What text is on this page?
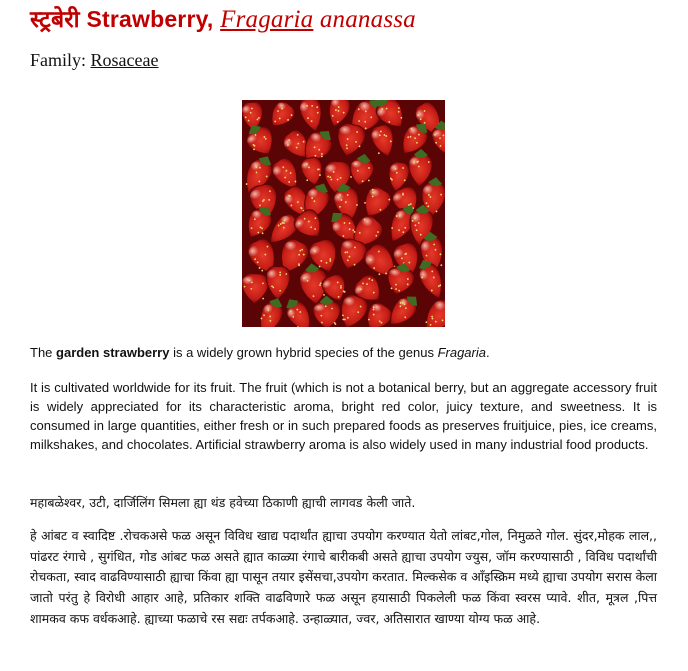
स्ट्रबेरी Strawberry, Fragaria ananassa

Family: Rosaceae

The garden strawberry is a widely grown hybrid species of the genus Fragaria.

It is cultivated worldwide for its fruit. The fruit (which is not a botanical berry, but an aggregate accessory fruit is widely appreciated for its characteristic aroma, bright red color, juicy texture, and sweetness. It is consumed in large quantities, either fresh or in such prepared foods as preserves fruitjuice, pies, ice creams, milkshakes, and chocolates. Artificial strawberry aroma is also widely used in many industrial food products.

महाबळेश्वर, उटी, दार्जिलिंग सिमला ह्या थंड हवेच्या ठिकाणी ह्याची लागवड केली जाते.

हे आंबट व स्वादिष्ट .रोचकअसे फळ असून विविध खाद्य पदार्थांत ह्याचा उपयोग करण्यात येतो लांबट,गोल, निमुळते गोल. सुंदर,मोहक लाल,, पांढरट रंगाचे , सुगंधित, गोड आंबट फळ असते ह्यात काळ्या रंगाचे बारीकबी असते ह्याचा उपयोग ज्युस, जॉम करण्यासाठी , विविध पदार्थांची रोचकता, स्वाद वाढविण्यासाठी ह्याचा किंवा ह्या पासून तयार इसेंसचा,उपयोग करतात. मिल्कसेक व आँइस्क्रिम मध्ये ह्याचा उपयोग सरास केला जातो परंतु हे विरोधी आहार आहे, प्रतिकार शक्ति वाढविणारे फळ असून हयासाठी पिकलेली फळ किंवा स्वरस प्यावे. शीत, मूत्रल ,पित्त शामकव कफ वर्धकआहे. ह्याच्या फळाचे रस सद्यः तर्पकआहे. उन्हाळ्यात, ज्वर, अतिसारात खाण्या योग्य फळ आहे.
